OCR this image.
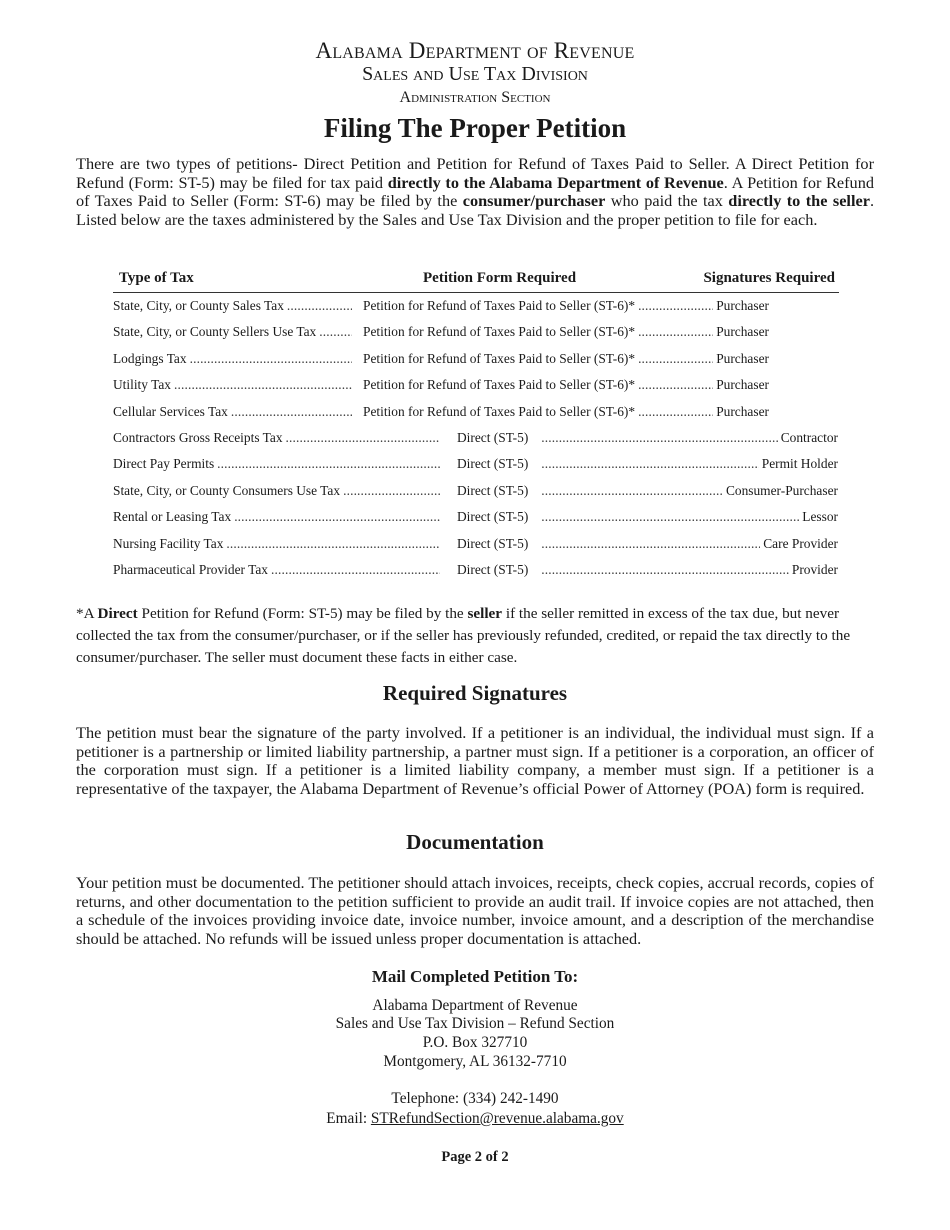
Alabama Department of Revenue
Sales and Use Tax Division
Administration Section
Filing The Proper Petition

There are two types of petitions- Direct Petition and Petition for Refund of Taxes Paid to Seller. A Direct Petition for Refund (Form: ST-5) may be filed for tax paid directly to the Alabama Department of Revenue. A Petition for Refund of Taxes Paid to Seller (Form: ST-6) may be filed by the consumer/purchaser who paid the tax directly to the seller. Listed below are the taxes administered by the Sales and Use Tax Division and the proper petition to file for each.

Type of Tax	Petition Form Required	Signatures Required
State, City, or County Sales Tax . . .	Petition for Refund of Taxes Paid to Seller (ST-6)* . . .	Purchaser
State, City, or County Sellers Use Tax . . .	Petition for Refund of Taxes Paid to Seller (ST-6)* . . .	Purchaser
Lodgings Tax . . .	Petition for Refund of Taxes Paid to Seller (ST-6)* . . .	Purchaser
Utility Tax . . .	Petition for Refund of Taxes Paid to Seller (ST-6)* . . .	Purchaser
Cellular Services Tax . . .	Petition for Refund of Taxes Paid to Seller (ST-6)* . . .	Purchaser
Contractors Gross Receipts Tax . . .	Direct (ST-5) . . .	Contractor
Direct Pay Permits . . .	Direct (ST-5) . . .	Permit Holder
State, City, or County Consumers Use Tax . . .	Direct (ST-5) . . .	Consumer-Purchaser
Rental or Leasing Tax . . .	Direct (ST-5) . . .	Lessor
Nursing Facility Tax . . .	Direct (ST-5) . . .	Care Provider
Pharmaceutical Provider Tax . . .	Direct (ST-5) . . .	Provider

*A Direct Petition for Refund (Form: ST-5) may be filed by the seller if the seller remitted in excess of the tax due, but never collected the tax from the consumer/purchaser, or if the seller has previously refunded, credited, or repaid the tax directly to the consumer/purchaser. The seller must document these facts in either case.

Required Signatures

The petition must bear the signature of the party involved. If a petitioner is an individual, the individual must sign. If a petitioner is a partnership or limited liability partnership, a partner must sign. If a petitioner is a corporation, an officer of the corporation must sign. If a petitioner is a limited liability company, a member must sign. If a petitioner is a representative of the taxpayer, the Alabama Department of Revenue’s official Power of Attorney (POA) form is required.

Documentation

Your petition must be documented. The petitioner should attach invoices, receipts, check copies, accrual records, copies of returns, and other documentation to the petition sufficient to provide an audit trail. If invoice copies are not attached, then a schedule of the invoices providing invoice date, invoice number, invoice amount, and a description of the merchandise should be attached. No refunds will be issued unless proper documentation is attached.

Mail Completed Petition To:
Alabama Department of Revenue
Sales and Use Tax Division – Refund Section
P.O. Box 327710
Montgomery, AL 36132-7710
Telephone: (334) 242-1490
Email: STRefundSection@revenue.alabama.gov
Page 2 of 2
